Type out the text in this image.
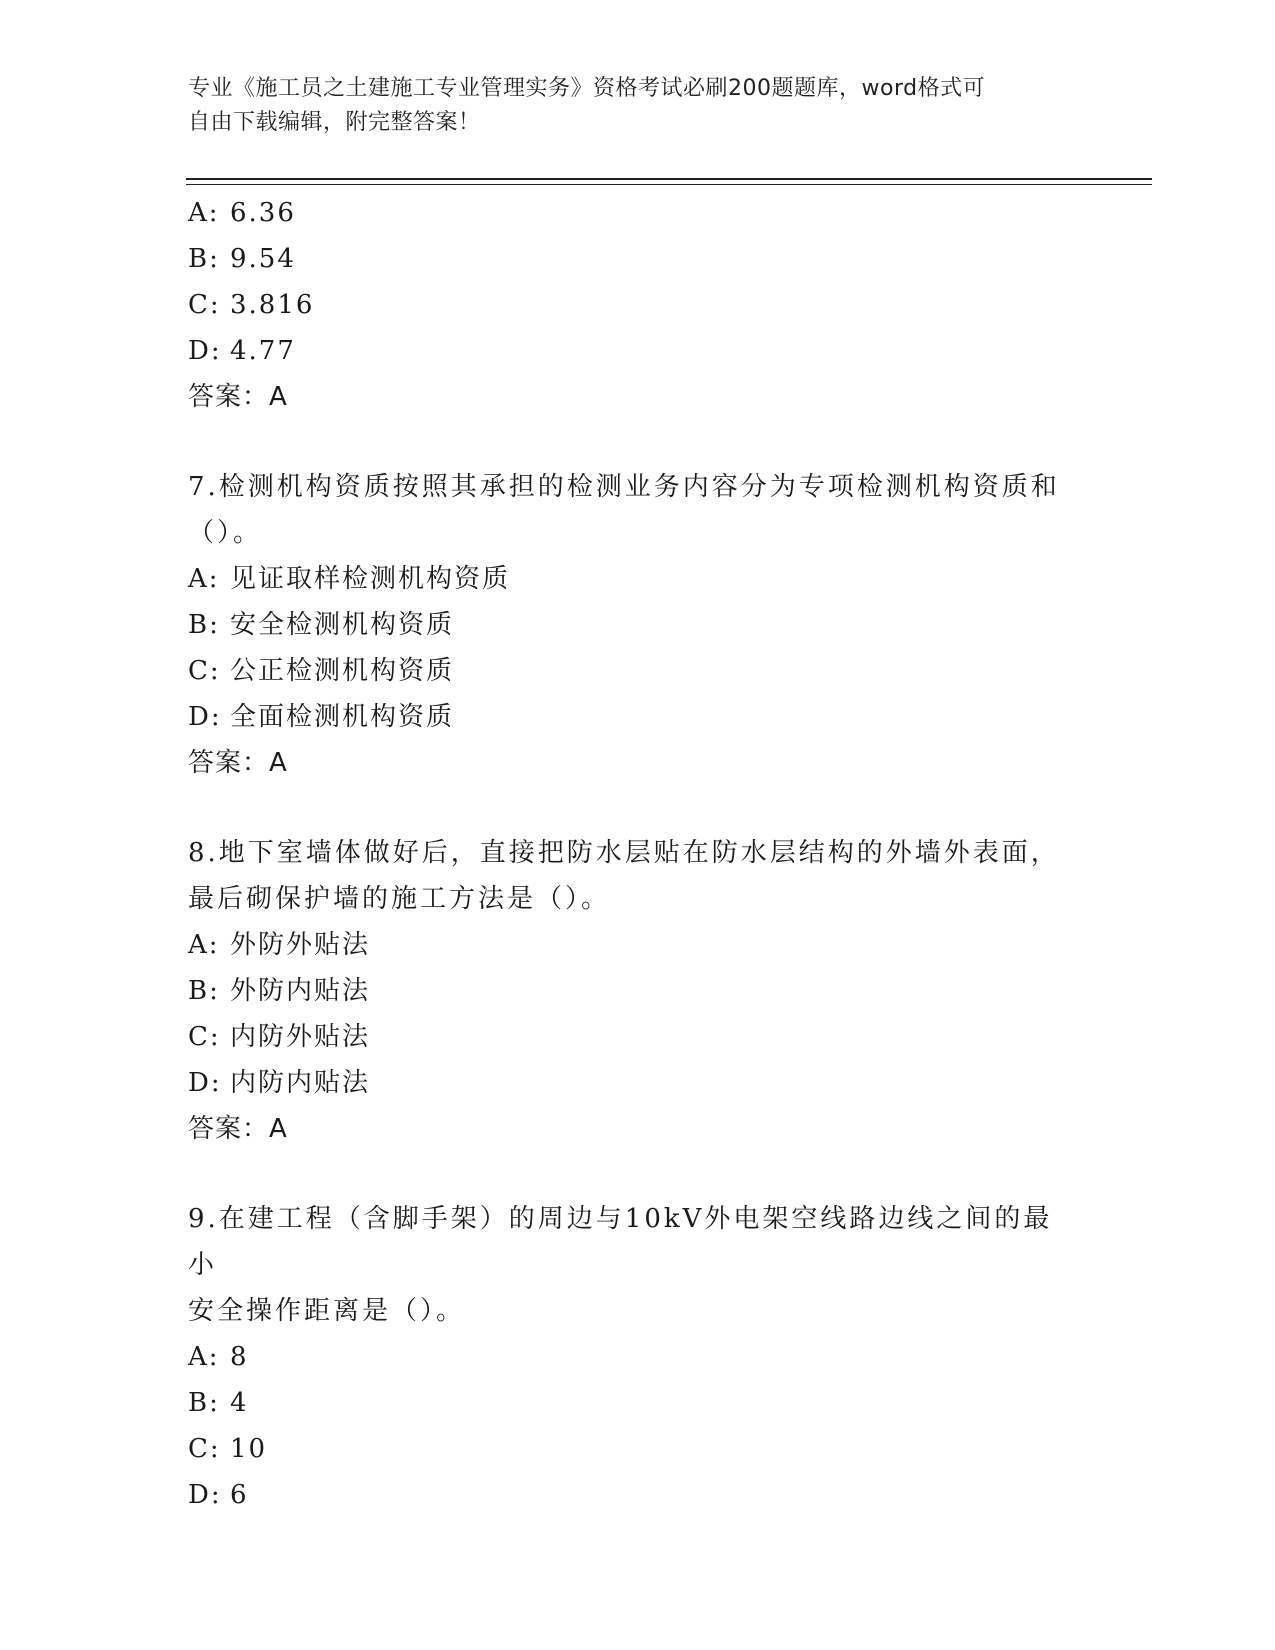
专业《施工员之土建施工专业管理实务》资格考试必刷200题题库，word格式可
自由下载编辑，附完整答案！
A: 6.36
B: 9.54
C: 3.816
D: 4.77
答案：A
7.检测机构资质按照其承担的检测业务内容分为专项检测机构资质和
（）。
A: 见证取样检测机构资质
B: 安全检测机构资质
C: 公正检测机构资质
D: 全面检测机构资质
答案：A
8.地下室墙体做好后，直接把防水层贴在防水层结构的外墙外表面，
最后砌保护墙的施工方法是（）。
A: 外防外贴法
B: 外防内贴法
C: 内防外贴法
D: 内防内贴法
答案：A
9.在建工程（含脚手架）的周边与10kV外电架空线路边线之间的最小
安全操作距离是（）。
A: 8
B: 4
C: 10
D: 6
